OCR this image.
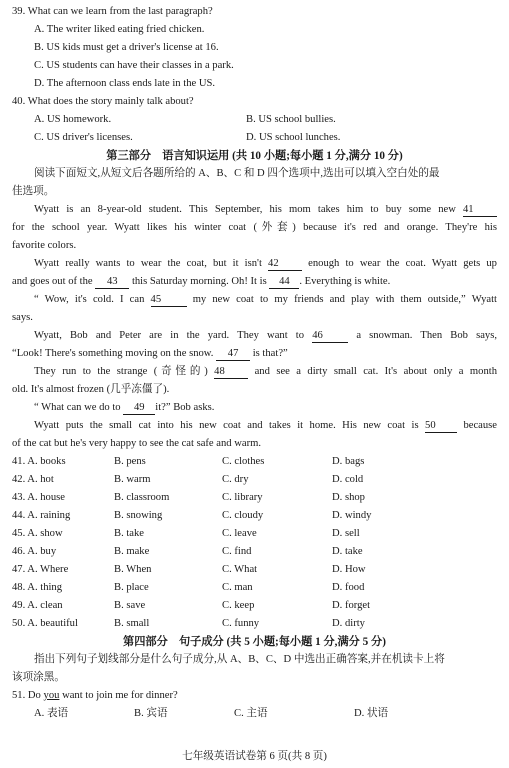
39. What can we learn from the last paragraph?
A. The writer liked eating fried chicken.
B. US kids must get a driver's license at 16.
C. US students can have their classes in a park.
D. The afternoon class ends late in the US.
40. What does the story mainly talk about?
A. US homework.	B. US school bullies.
C. US driver's licenses.	D. US school lunches.
第三部分　语言知识运用 (共 10 小题;每小题 1 分,满分 10 分)
阅读下面短文,从短文后各题所给的 A、B、C 和 D 四个选项中,选出可以填入空白处的最
佳选项。
Wyatt is an 8-year-old student. This September, his mom takes him to buy some new 41
for the school year. Wyatt likes his winter coat (外套) because it's red and orange. They're his
favorite colors.
Wyatt really wants to wear the coat, but it isn't 42	enough to wear the coat. Wyatt gets up
and goes out of the 43 this Saturday morning. Oh! It is 44 . Everything is white.
“ Wow, it's cold. I can 45	my new coat to my friends and play with them outside,” Wyatt
says.
Wyatt, Bob and Peter are in the yard. They want to 46	a snowman. Then Bob says,
“Look! There's something moving on the snow. 47 is that?”
They run to the strange (奇怪的) 48	and see a dirty small cat. It's about only a month
old. It's almost frozen (几乎冻僵了).
“ What can we do to 49 it?” Bob asks.
Wyatt puts the small cat into his new coat and takes it home. His new coat is 50	because
of the cat but he's very happy to see the cat safe and warm.
41. A. books	B. pens	C. clothes	D. bags
42. A. hot	B. warm	C. dry	D. cold
43. A. house	B. classroom	C. library	D. shop
44. A. raining	B. snowing	C. cloudy	D. windy
45. A. show	B. take	C. leave	D. sell
46. A. buy	B. make	C. find	D. take
47. A. Where	B. When	C. What	D. How
48. A. thing	B. place	C. man	D. food
49. A. clean	B. save	C. keep	D. forget
50. A. beautiful	B. small	C. funny	D. dirty
第四部分　句子成分 (共 5 小题;每小题 1 分,满分 5 分)
指出下列句子划线部分是什么句子成分,从 A、B、C、D 中选出正确答案,并在机读卡上将
该项涂黑。
51. Do you want to join me for dinner?
A. 表语	B. 宾语	C. 主语	D. 状语
七年级英语试卷第 6 页(共 8 页)
